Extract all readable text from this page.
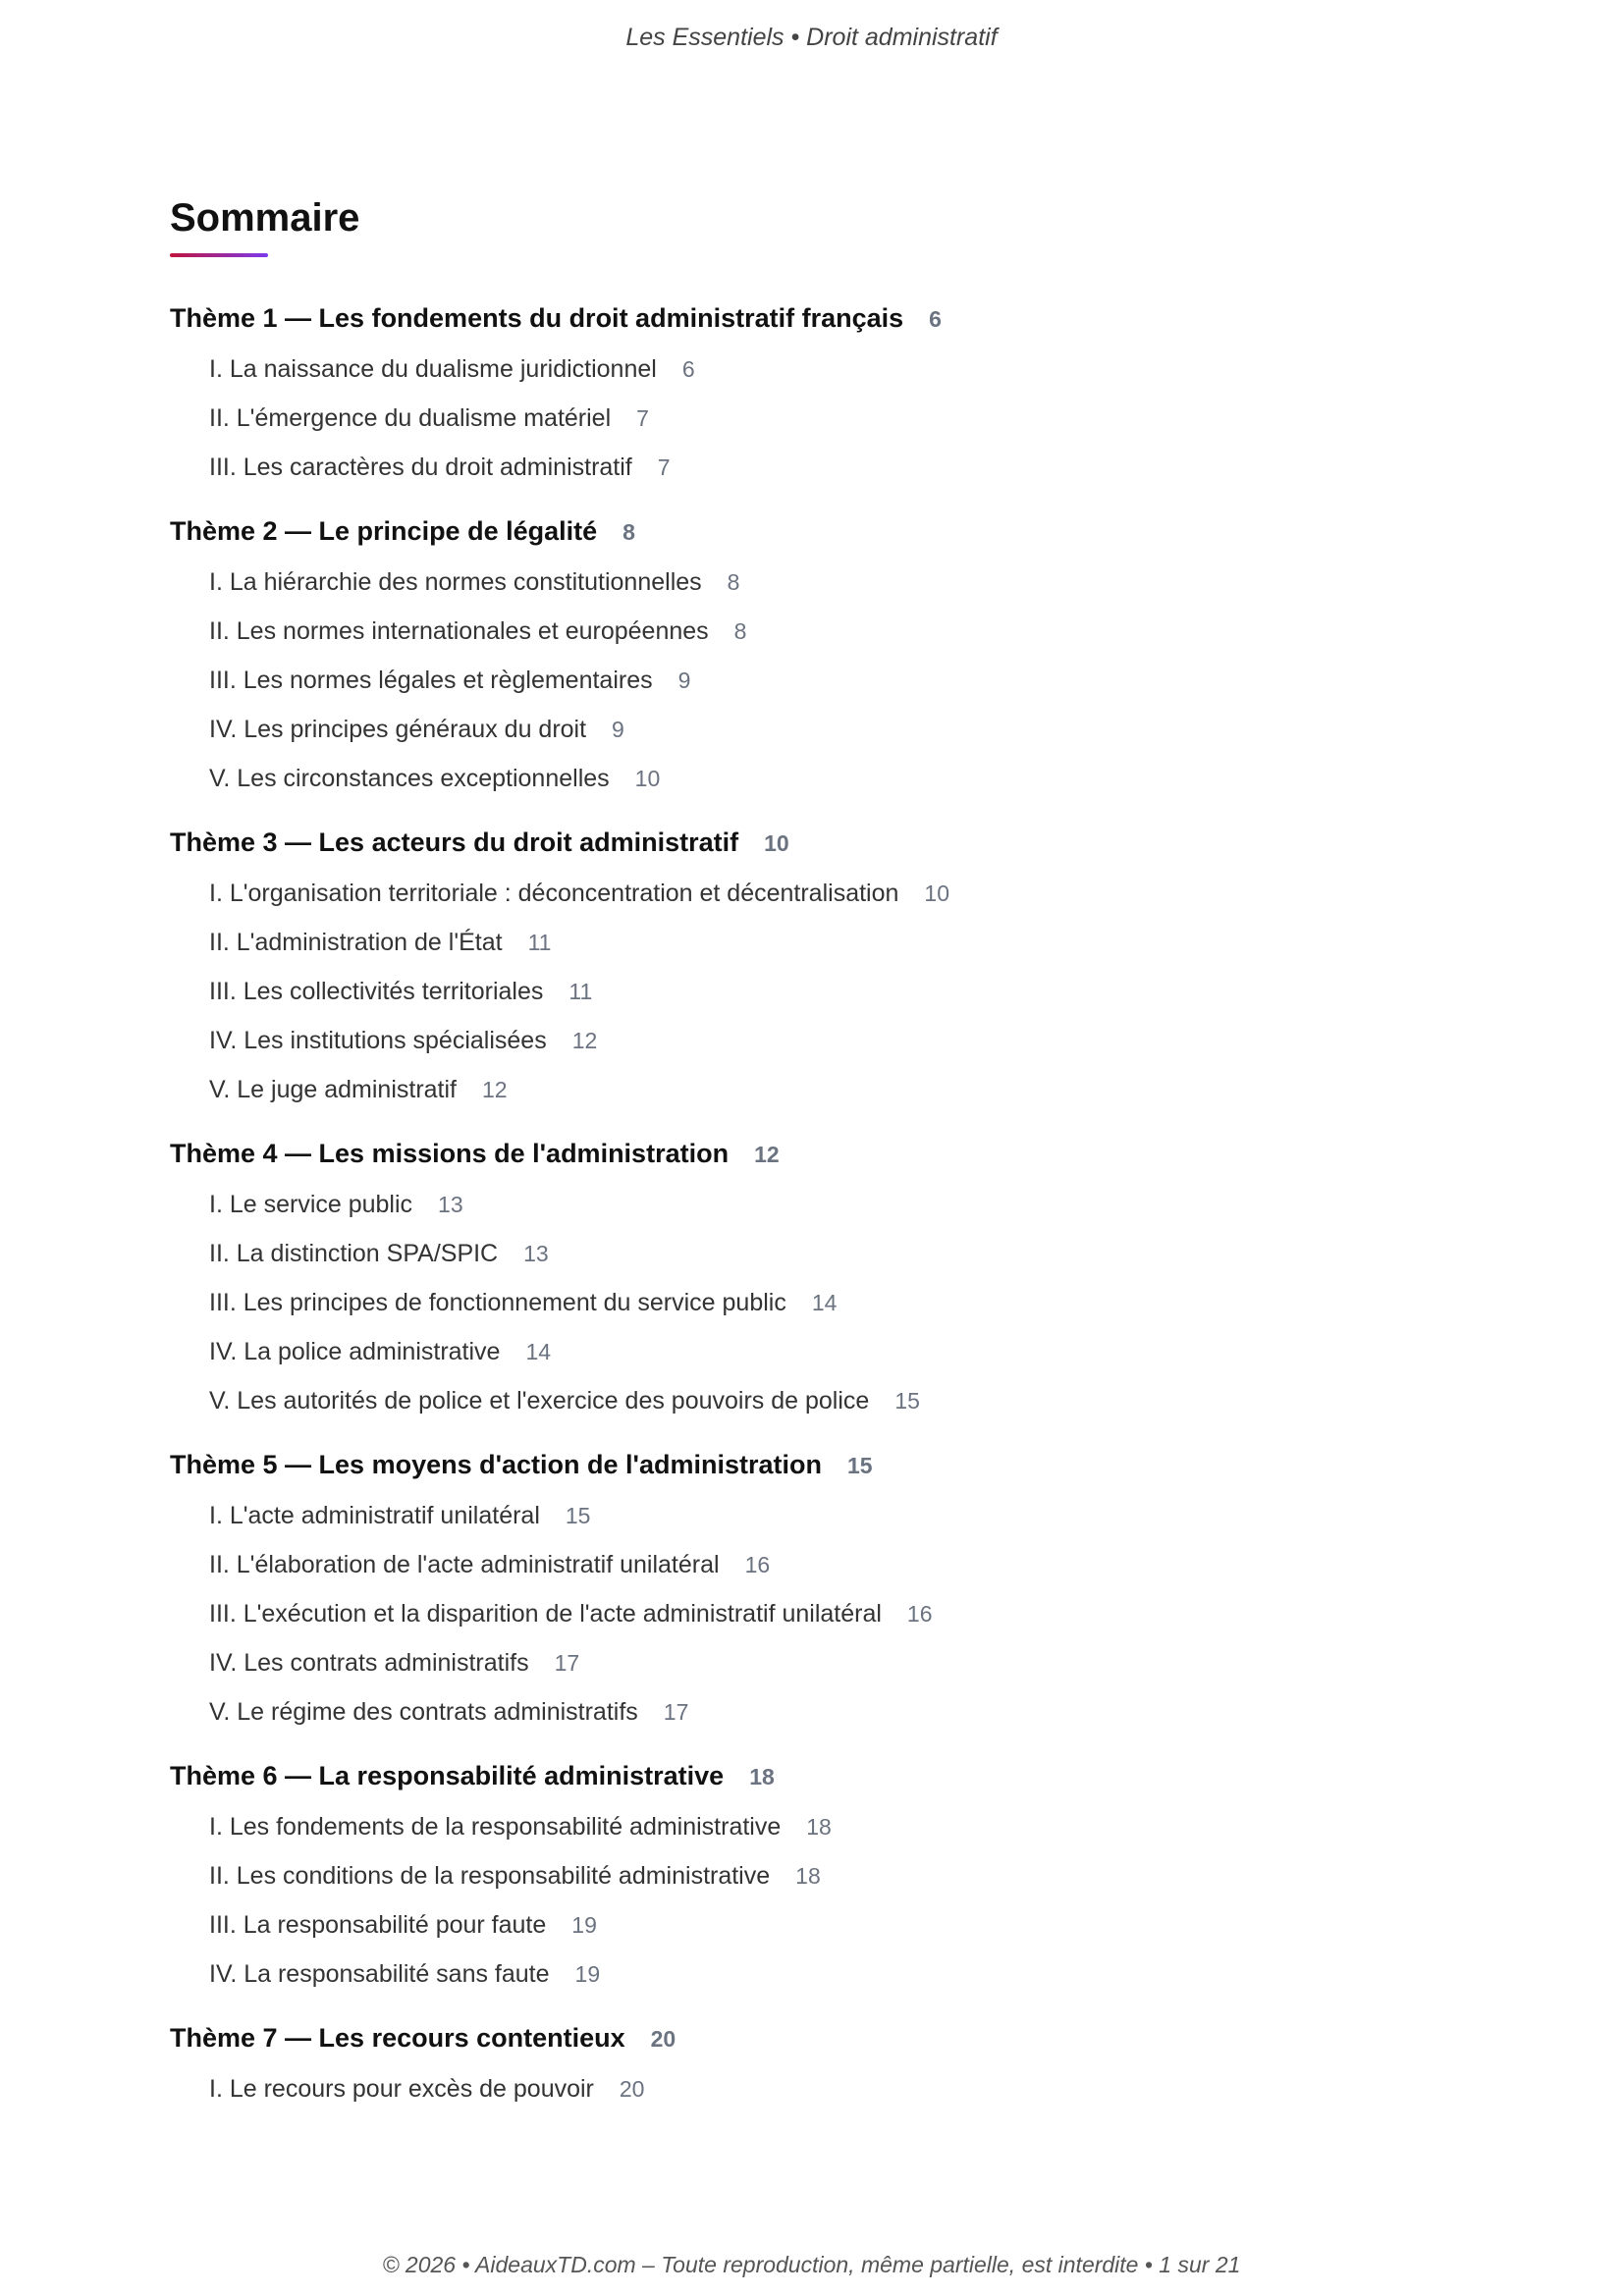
Les Essentiels • Droit administratif
Sommaire
Thème 1 — Les fondements du droit administratif français 6
I. La naissance du dualisme juridictionnel 6
II. L'émergence du dualisme matériel 7
III. Les caractères du droit administratif 7
Thème 2 — Le principe de légalité 8
I. La hiérarchie des normes constitutionnelles 8
II. Les normes internationales et européennes 8
III. Les normes légales et règlementaires 9
IV. Les principes généraux du droit 9
V. Les circonstances exceptionnelles 10
Thème 3 — Les acteurs du droit administratif 10
I. L'organisation territoriale : déconcentration et décentralisation 10
II. L'administration de l'État 11
III. Les collectivités territoriales 11
IV. Les institutions spécialisées 12
V. Le juge administratif 12
Thème 4 — Les missions de l'administration 12
I. Le service public 13
II. La distinction SPA/SPIC 13
III. Les principes de fonctionnement du service public 14
IV. La police administrative 14
V. Les autorités de police et l'exercice des pouvoirs de police 15
Thème 5 — Les moyens d'action de l'administration 15
I. L'acte administratif unilatéral 15
II. L'élaboration de l'acte administratif unilatéral 16
III. L'exécution et la disparition de l'acte administratif unilatéral 16
IV. Les contrats administratifs 17
V. Le régime des contrats administratifs 17
Thème 6 — La responsabilité administrative 18
I. Les fondements de la responsabilité administrative 18
II. Les conditions de la responsabilité administrative 18
III. La responsabilité pour faute 19
IV. La responsabilité sans faute 19
Thème 7 — Les recours contentieux 20
I. Le recours pour excès de pouvoir 20
© 2026 • AideauxTD.com – Toute reproduction, même partielle, est interdite • 1 sur 21
